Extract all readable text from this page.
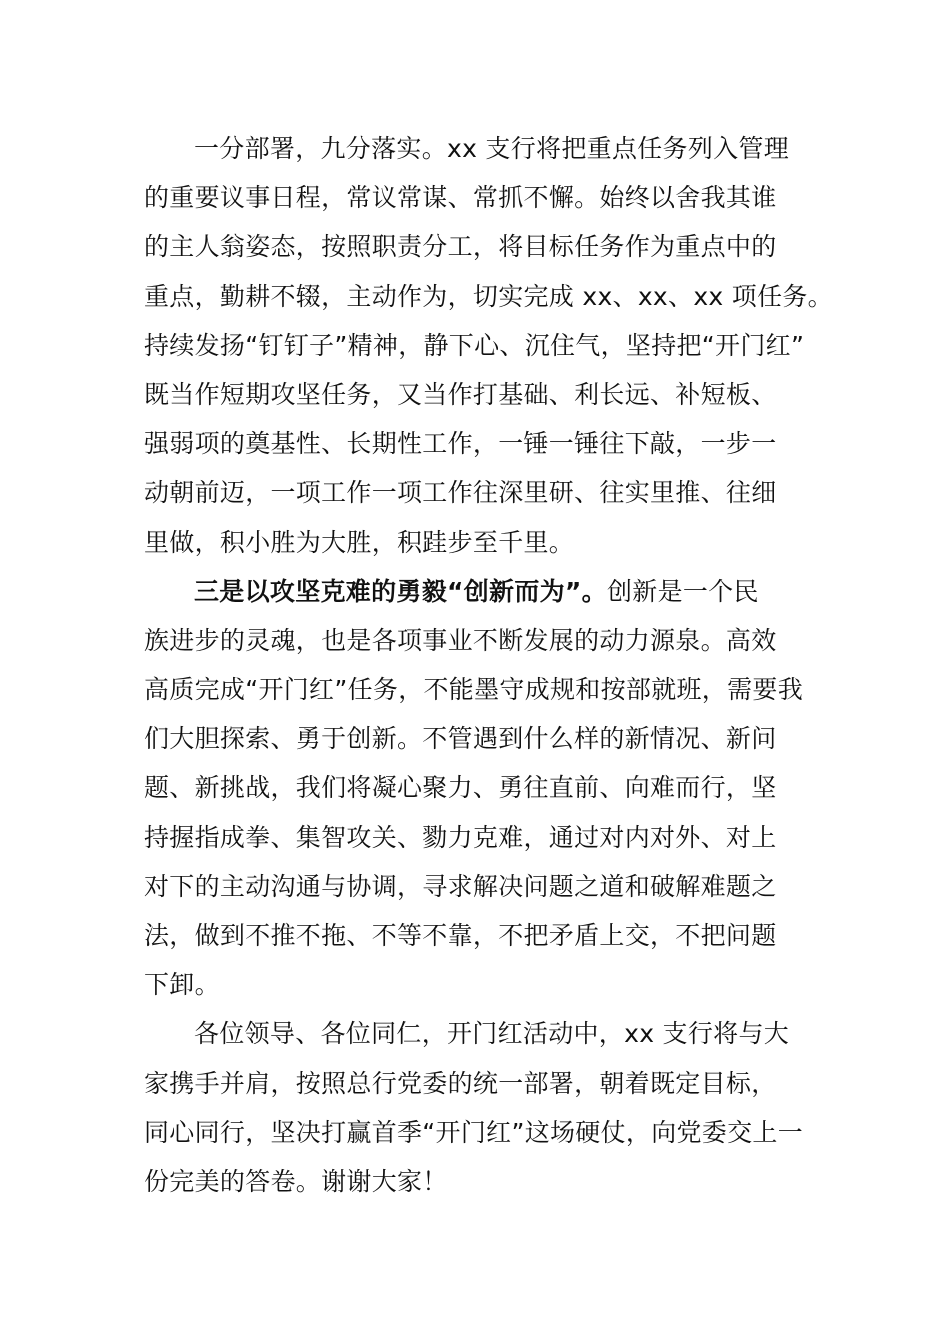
一分部署，九分落实。xx 支行将把重点任务列入管理
的重要议事日程，常议常谋、常抓不懈。始终以舍我其谁
的主人翁姿态，按照职责分工，将目标任务作为重点中的
重点，勤耕不辍，主动作为，切实完成 xx、xx、xx 项任务。
持续发扬“钉钉子”精神，静下心、沉住气，坚持把“开门红”
既当作短期攻坚任务，又当作打基础、利长远、补短板、
强弱项的奠基性、长期性工作，一锤一锤往下敲，一步一
动朝前迈，一项工作一项工作往深里研、往实里推、往细
里做，积小胜为大胜，积跬步至千里。
三是以攻坚克难的勇毅“创新而为”。创新是一个民
族进步的灵魂，也是各项事业不断发展的动力源泉。高效
高质完成“开门红”任务，不能墨守成规和按部就班，需要我
们大胆探索、勇于创新。不管遇到什么样的新情况、新问
题、新挑战，我们将凝心聚力、勇往直前、向难而行，坚
持握指成拳、集智攻关、勠力克难，通过对内对外、对上
对下的主动沟通与协调，寻求解决问题之道和破解难题之
法，做到不推不拖、不等不靠，不把矛盾上交，不把问题
下卸。
各位领导、各位同仁，开门红活动中，xx 支行将与大
家携手并肩，按照总行党委的统一部署，朝着既定目标，
同心同行，坚决打赢首季“开门红”这场硬仗，向党委交上一
份完美的答卷。谢谢大家！
